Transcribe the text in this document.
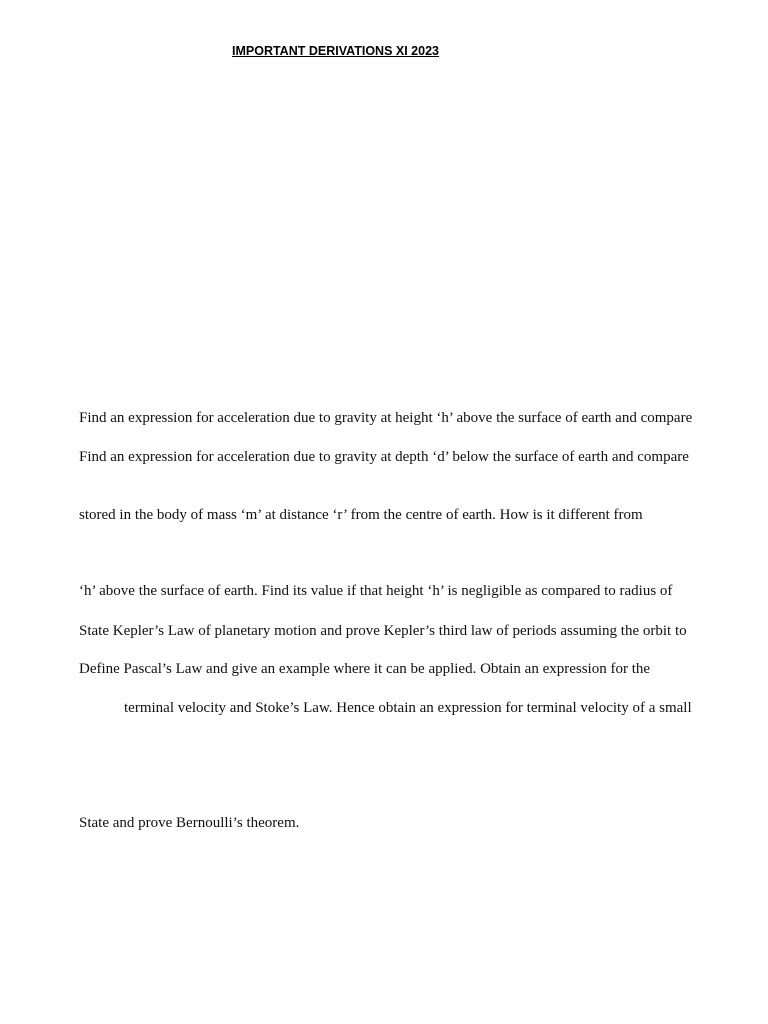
IMPORTANT DERIVATIONS XI 2023
Find an expression for acceleration due to gravity at height ‘h’ above the surface of earth and compare
Find an expression for acceleration due to gravity at depth ‘d’ below the surface of earth and compare
stored in the body of mass ‘m’ at distance ‘r’ from the centre of earth. How is it different from
‘h’ above the surface of earth. Find its value if that height ‘h’ is negligible as compared to radius of
State Kepler’s Law of planetary motion and prove Kepler’s third law of periods assuming the orbit to
Define Pascal’s Law and give an example where it can be applied. Obtain an expression for the
terminal velocity and Stoke’s Law. Hence obtain an expression for terminal velocity of a small
State and prove Bernoulli’s theorem.
